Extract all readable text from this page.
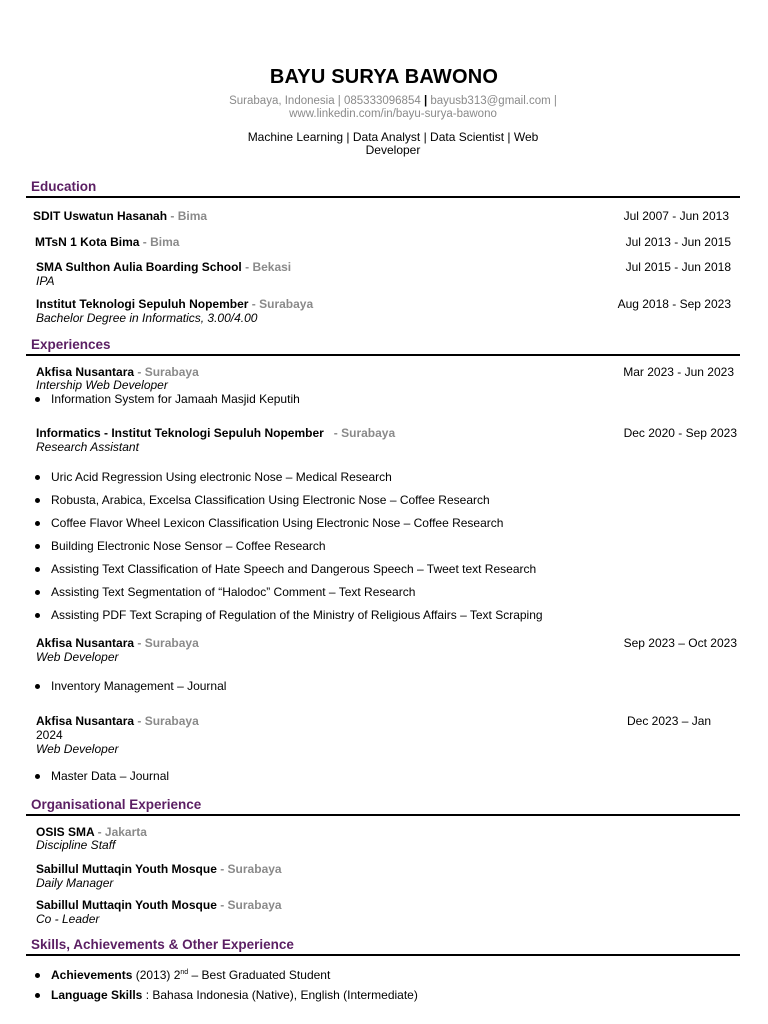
BAYU SURYA BAWONO
Surabaya, Indonesia | 085333096854 | bayusb313@gmail.com |
www.linkedin.com/in/bayu-surya-bawono
Machine Learning | Data Analyst | Data Scientist | Web
Developer
Education
SDIT Uswatun Hasanah - Bima	Jul 2007 - Jun 2013
MTsN 1 Kota Bima - Bima	Jul 2013 - Jun 2015
SMA Sulthon Aulia Boarding School - Bekasi	Jul 2015 - Jun 2018
IPA
Institut Teknologi Sepuluh Nopember - Surabaya	Aug 2018 - Sep 2023
Bachelor Degree in Informatics, 3.00/4.00
Experiences
Akfisa Nusantara - Surabaya	Mar 2023 - Jun 2023
Intership Web Developer
Information System for Jamaah Masjid Keputih
Informatics - Institut Teknologi Sepuluh Nopember   - Surabaya	Dec 2020 - Sep 2023
Research Assistant
Uric Acid Regression Using electronic Nose – Medical Research
Robusta, Arabica, Excelsa Classification Using Electronic Nose – Coffee Research
Coffee Flavor Wheel Lexicon Classification Using Electronic Nose – Coffee Research
Building Electronic Nose Sensor – Coffee Research
Assisting Text Classification of Hate Speech and Dangerous Speech – Tweet text Research
Assisting Text Segmentation of “Halodoc” Comment – Text Research
Assisting PDF Text Scraping of Regulation of the Ministry of Religious Affairs – Text Scraping
Akfisa Nusantara - Surabaya	Sep 2023 – Oct 2023
Web Developer
Inventory Management – Journal
Akfisa Nusantara - Surabaya	Dec 2023 – Jan
2024
Web Developer
Master Data – Journal
Organisational Experience
OSIS SMA - Jakarta
Discipline Staff
Sabillul Muttaqin Youth Mosque - Surabaya
Daily Manager
Sabillul Muttaqin Youth Mosque - Surabaya
Co - Leader
Skills, Achievements & Other Experience
Achievements (2013) 2nd – Best Graduated Student
Language Skills : Bahasa Indonesia (Native), English (Intermediate)
